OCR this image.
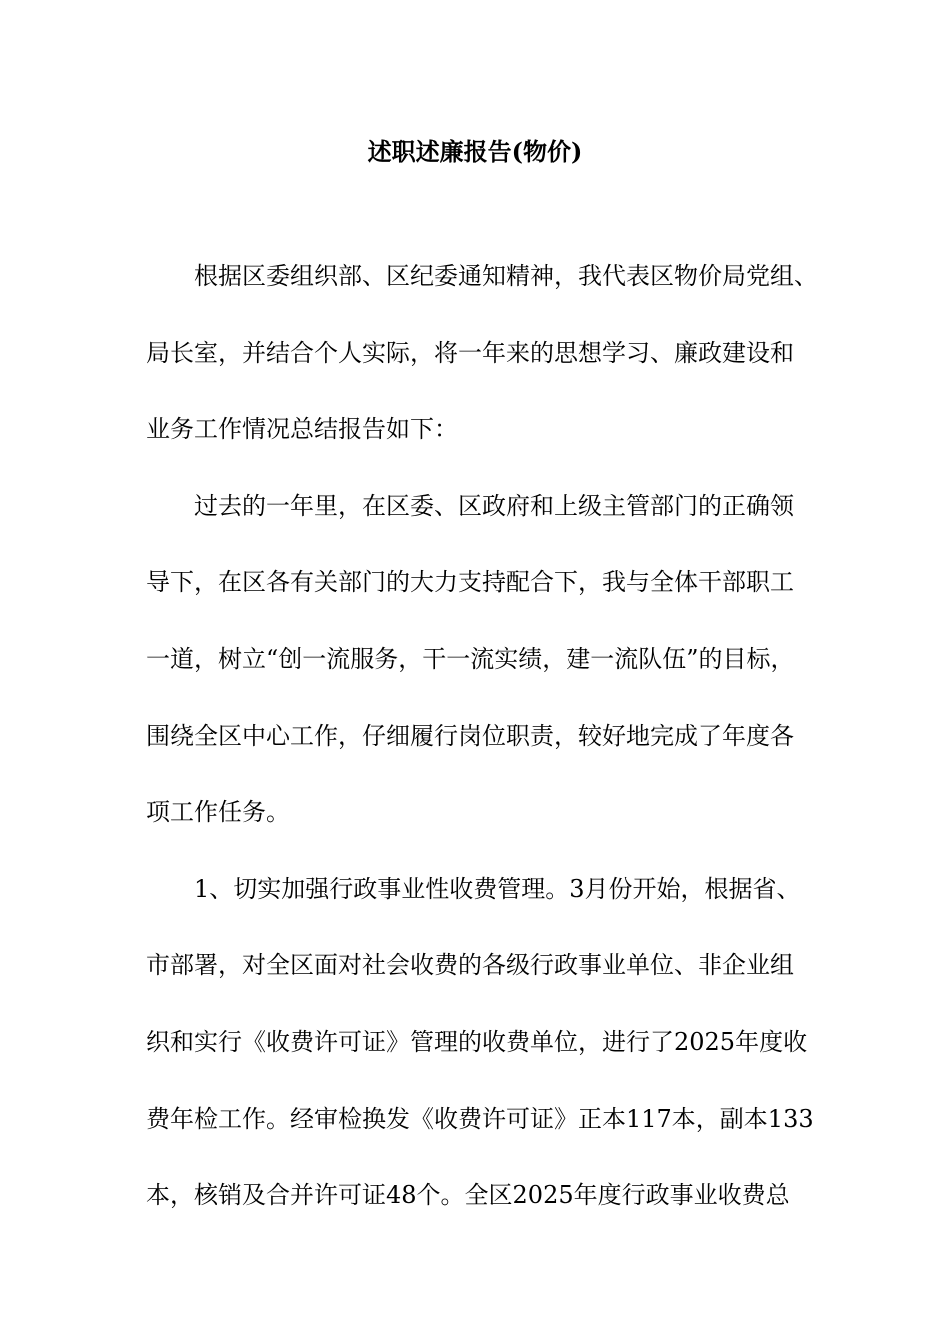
述职述廉报告(物价)
根据区委组织部、区纪委通知精神，我代表区物价局党组、
局长室，并结合个人实际，将一年来的思想学习、廉政建设和
业务工作情况总结报告如下：
过去的一年里，在区委、区政府和上级主管部门的正确领
导下，在区各有关部门的大力支持配合下，我与全体干部职工
一道，树立“创一流服务，干一流实绩，建一流队伍”的目标，
围绕全区中心工作，仔细履行岗位职责，较好地完成了年度各
项工作任务。
1、切实加强行政事业性收费管理。3月份开始，根据省、
市部署，对全区面对社会收费的各级行政事业单位、非企业组
织和实行《收费许可证》管理的收费单位，进行了2025年度收
费年检工作。经审检换发《收费许可证》正本117本，副本133
本，核销及合并许可证48个。全区2025年度行政事业收费总
